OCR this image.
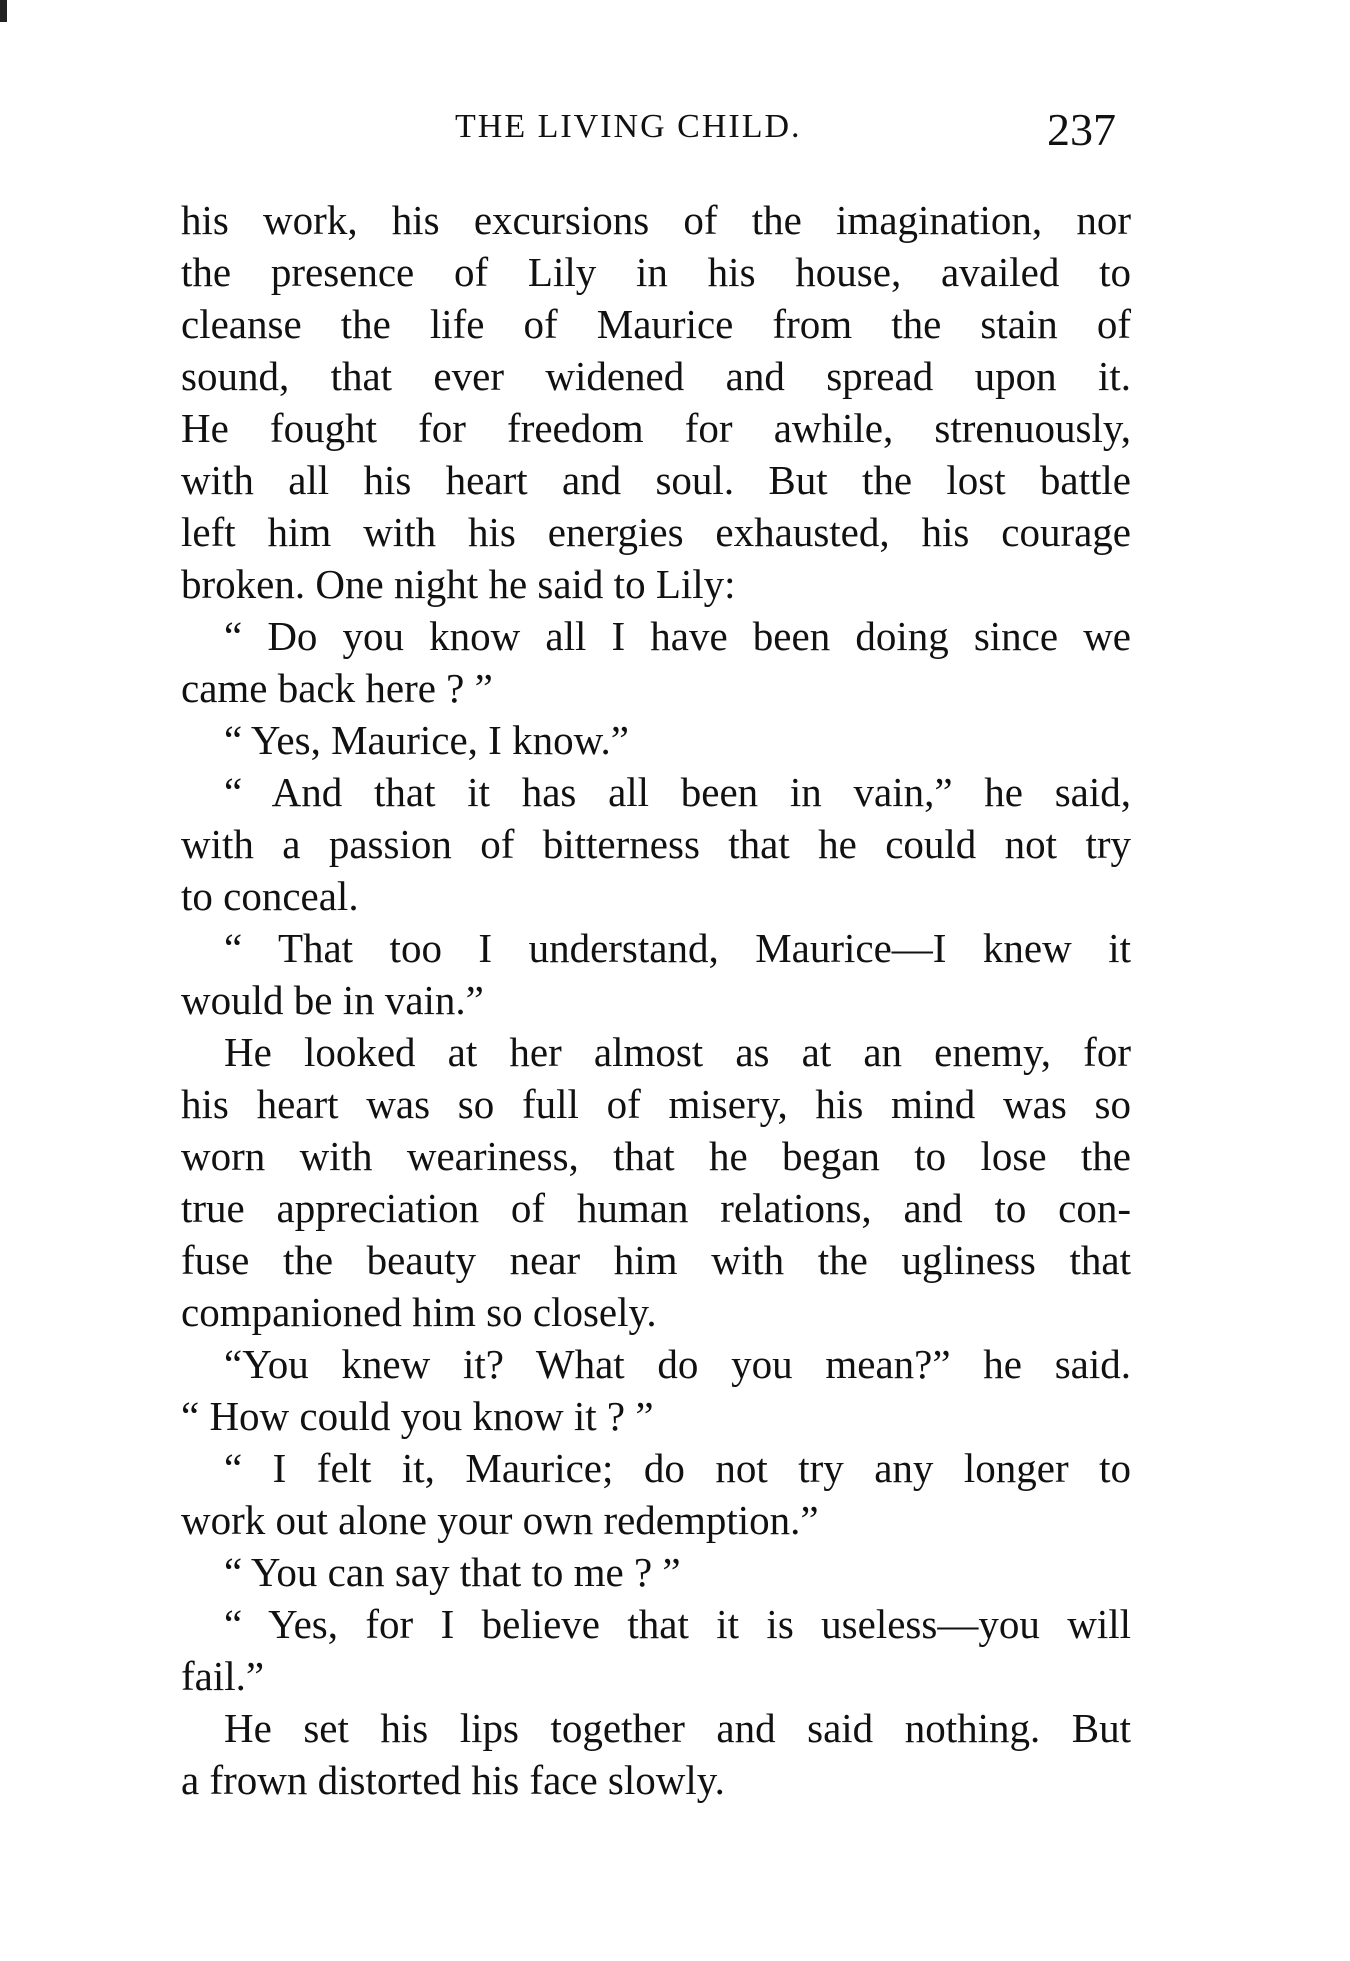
THE LIVING CHILD.	237
his work, his excursions of the imagination, nor
the presence of Lily in his house, availed to
cleanse the life of Maurice from the stain of
sound, that ever widened and spread upon it.
He fought for freedom for awhile, strenuously,
with all his heart and soul. But the lost battle
left him with his energies exhausted, his courage
broken. One night he said to Lily:
“ Do you know all I have been doing since we
came back here ? ”
“ Yes, Maurice, I know.”
“ And that it has all been in vain,” he said,
with a passion of bitterness that he could not try
to conceal.
“ That too I understand, Maurice—I knew it
would be in vain.”
He looked at her almost as at an enemy, for
his heart was so full of misery, his mind was so
worn with weariness, that he began to lose the
true appreciation of human relations, and to con-
fuse the beauty near him with the ugliness that
companioned him so closely.
“You knew it? What do you mean?” he said.
“ How could you know it ? ”
“ I felt it, Maurice; do not try any longer to
work out alone your own redemption.”
“ You can say that to me ? ”
“ Yes, for I believe that it is useless—you will
fail.”
He set his lips together and said nothing. But
a frown distorted his face slowly.
